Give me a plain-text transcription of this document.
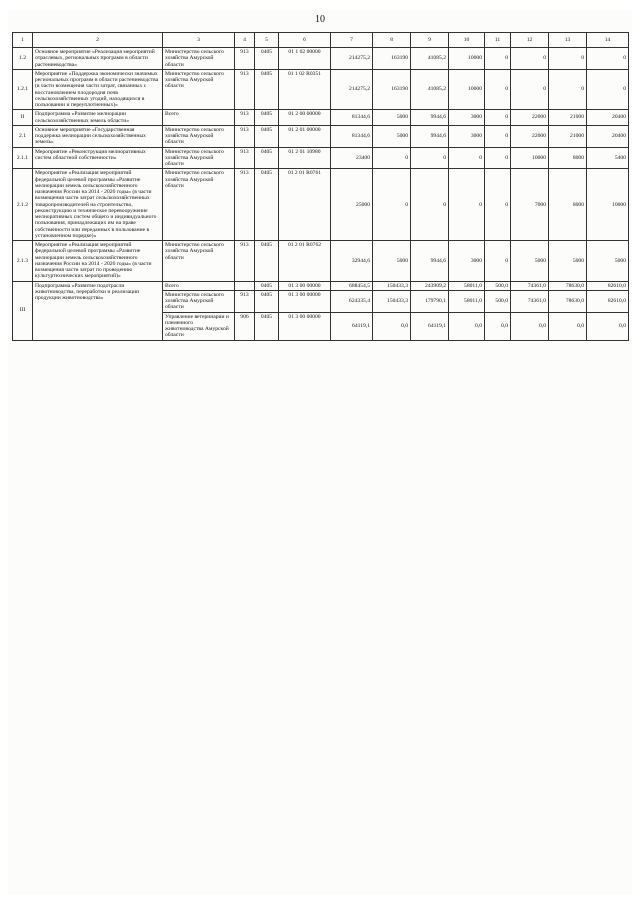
10
1	2	3	4	5	6	7	8	9	10	11	12	13	14
1.2	Основное мероприятие «Реализация мероприятий отраслевых, региональных программ в области растениеводства»	Министерство сельского хозяйства Амурской области	913	0405	01 1 02 00000	214275,2	163190	41085,2	10000	0	0	0	0
1.2.1	Мероприятие «Поддержка экономически значимых региональных программ в области растениеводства (в части возмещения части затрат, связанных с восстановлением плодородия почв сельскохозяйственных угодий, находящихся в пользовании и переуплотненных)»	Министерство сельского хозяйства Амурской области	913	0405	01 1 02 R0351	214275,2	163190	41085,2	10000	0	0	0	0
II	Подпрограмма «Развитие мелиорации сельскохозяйственных земель области»	Всего	913	0405	01 2 00 00000	81344,6	5000	9944,6	3000	0	22000	21000	20400
2.1	Основное мероприятие «Государственная поддержка мелиорации сельскохозяйственных земель»	Министерство сельского хозяйства Амурской области	913	0405	01 2 01 00000	81344,6	5000	9944,6	3000	0	22000	21000	20400
2.1.1	Мероприятие «Реконструкция мелиоративных систем областной собственности»	Министерство сельского хозяйства Амурской области	913	0405	01 2 01 10980	23400	0	0	0	0	10000	8000	5400
2.1.2	Мероприятие «Реализация мероприятий федеральной целевой программы «Развитие мелиорации земель сельскохозяйственного назначения России на 2014 - 2020 годы» (в части возмещения части затрат сельскохозяйственных товаропроизводителей на строительство, реконструкцию и техническое перевооружение мелиоративных систем общего и индивидуального пользования, принадлежащих им на праве собственности или переданных в пользование в установленном порядке)»	Министерство сельского хозяйства Амурской области	913	0405	01 2 01 R0761	25000	0	0	0	0	7000	8000	10000
2.1.3	Мероприятие «Реализация мероприятий федеральной целевой программы «Развитие мелиорации земель сельскохозяйственного назначения России на 2014 - 2020 годы» (в части возмещения части затрат по проведению культуртехнических мероприятий)»	Министерство сельского хозяйства Амурской области	913	0405	01 2 01 R0762	32944,6	5000	9944,6	3000	0	5000	5000	5000
III	Подпрограмма «Развитие подотрасли животноводства, переработки и реализации продукции животноводства»	Всего		0405	01 3 00 00000	688454,5	150433,3	243909,2	58011,0	500,0	74361,0	78630,0	82610,0
		Министерство сельского хозяйства Амурской области	913	0405	01 3 00 00000	624335,4	150433,3	179790,1	58011,0	500,0	74361,0	78630,0	82610,0
		Управление ветеринарии и племенного животноводства Амурской области	906	0405	01 3 00 00000	64119,1	0,0	64119,1	0,0	0,0	0,0	0,0	0,0
